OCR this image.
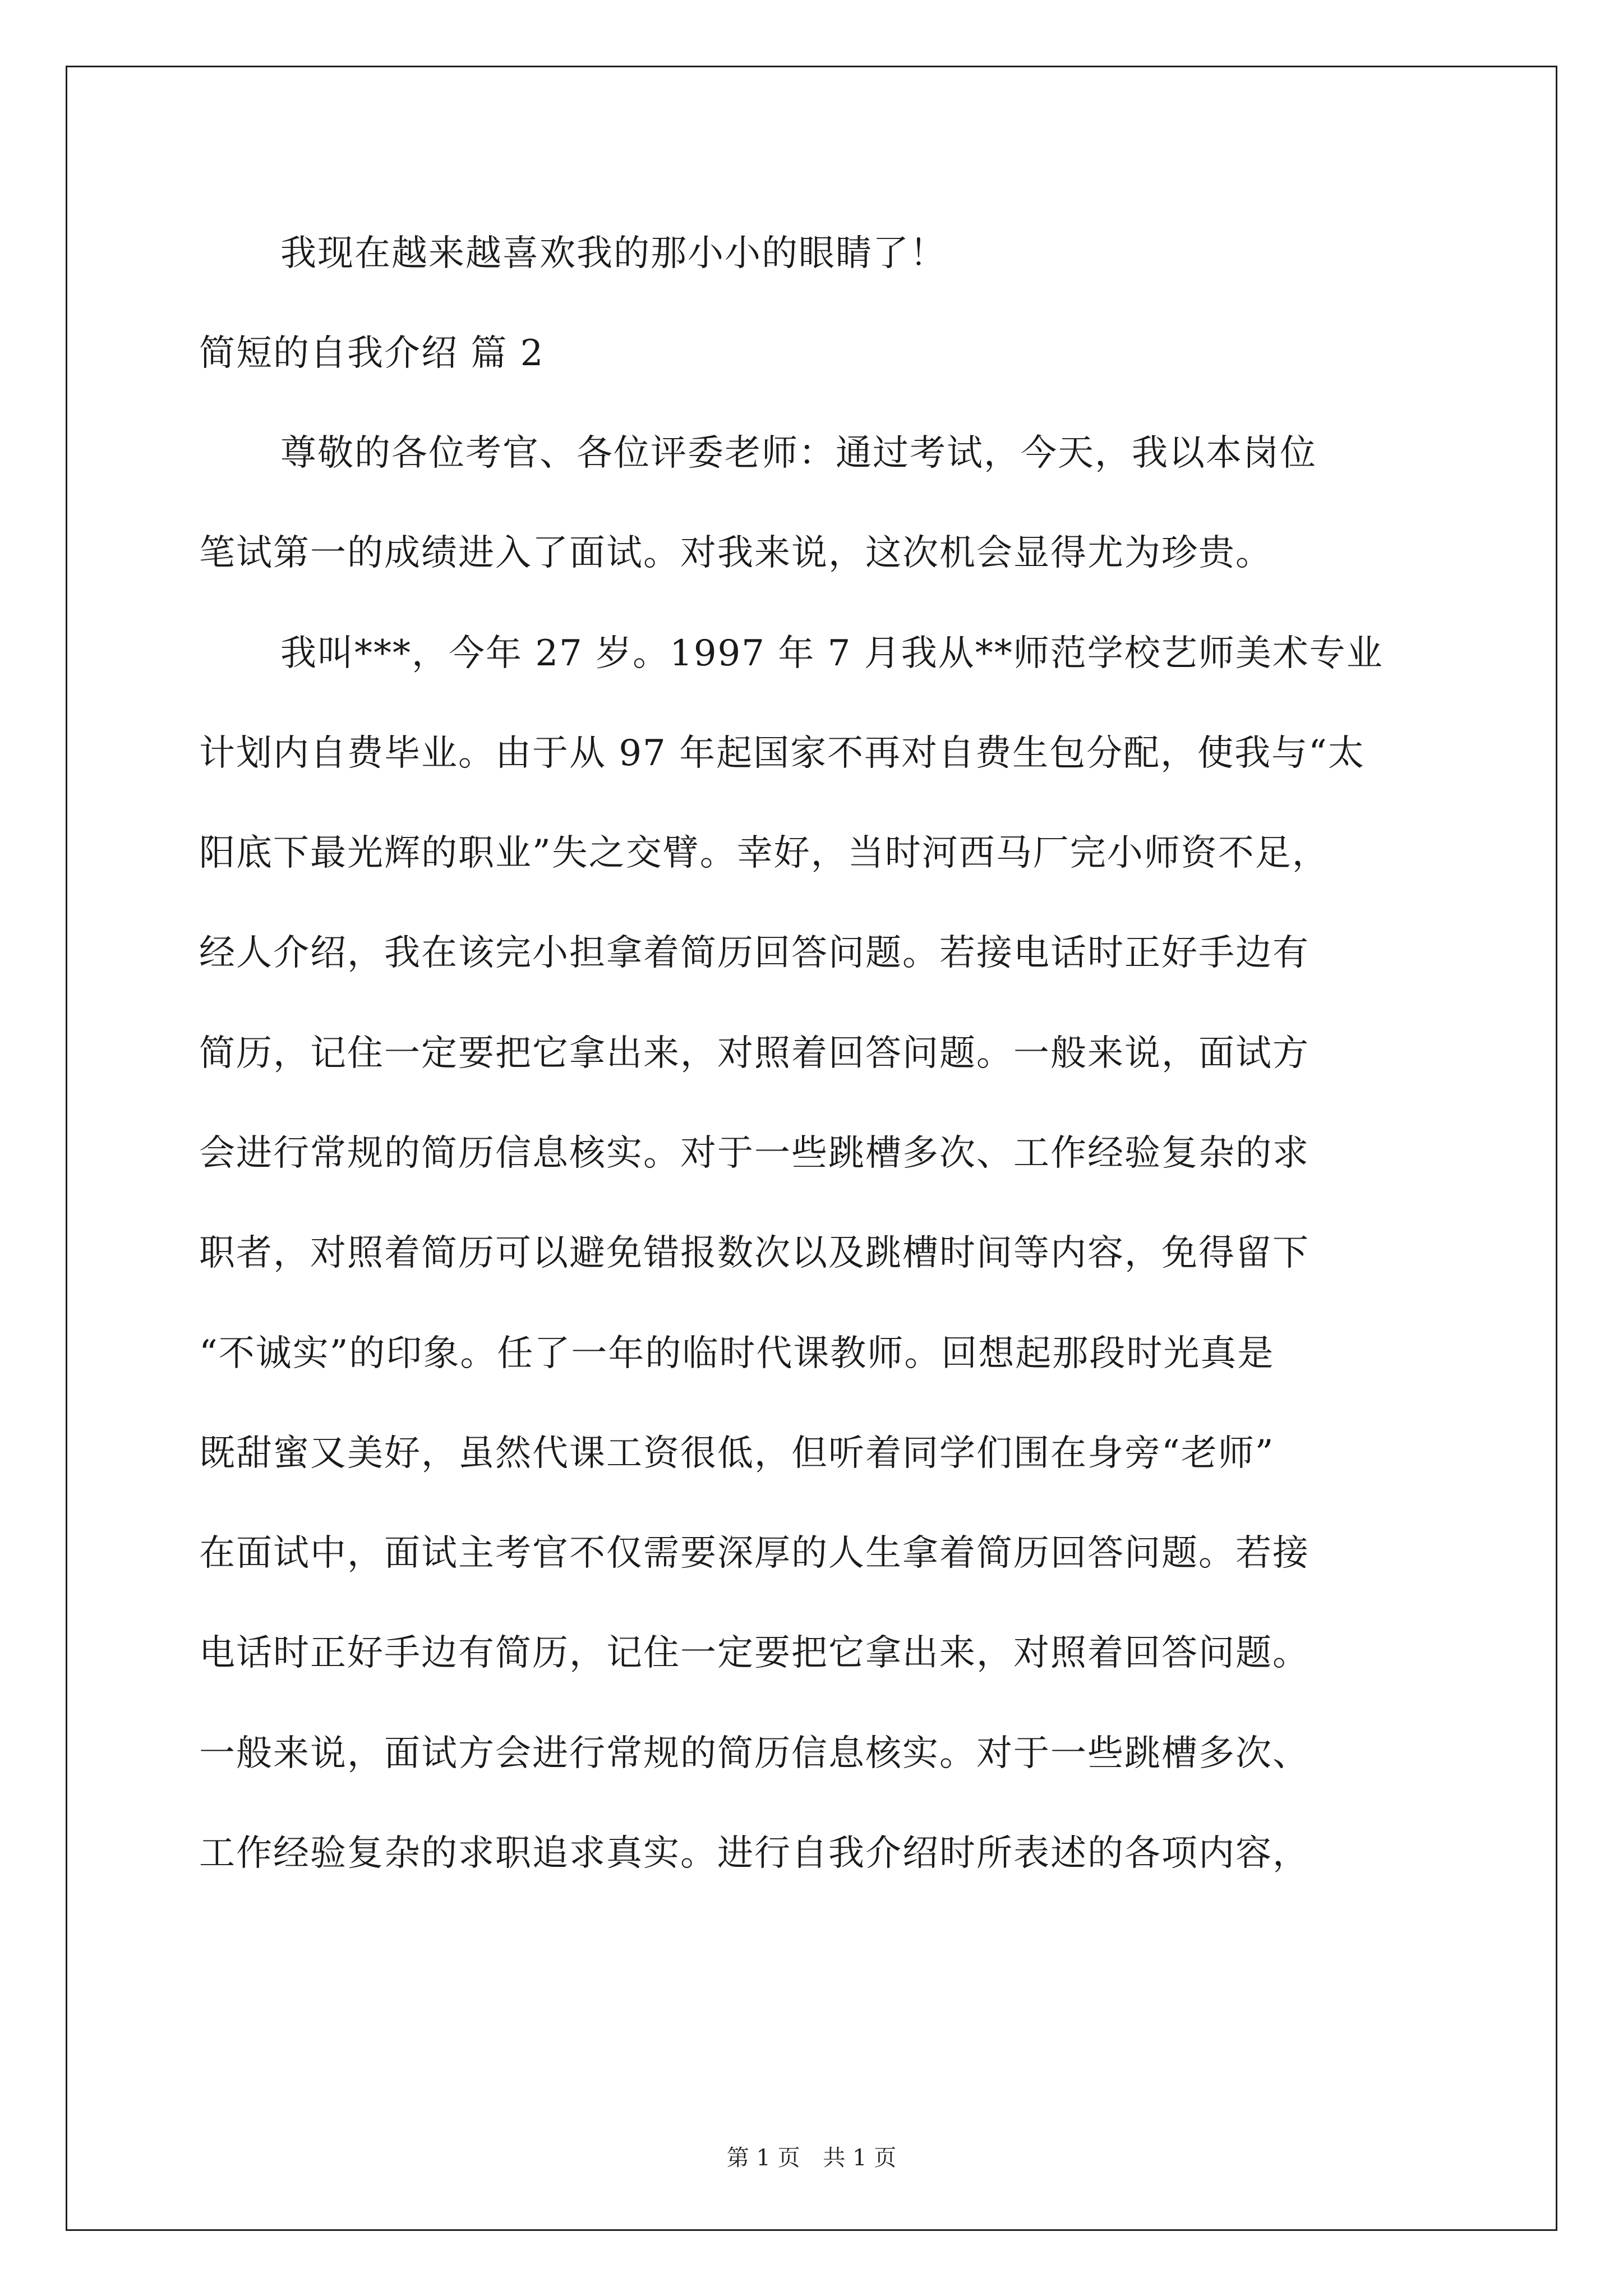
我现在越来越喜欢我的那小小的眼睛了！
简短的自我介绍 篇 2
尊敬的各位考官、各位评委老师：通过考试，今天，我以本岗位
笔试第一的成绩进入了面试。对我来说，这次机会显得尤为珍贵。
我叫***，今年 27 岁。1997 年 7 月我从**师范学校艺师美术专业
计划内自费毕业。由于从 97 年起国家不再对自费生包分配，使我与“太
阳底下最光辉的职业”失之交臂。幸好，当时河西马厂完小师资不足，
经人介绍，我在该完小担拿着简历回答问题。若接电话时正好手边有
简历，记住一定要把它拿出来，对照着回答问题。一般来说，面试方
会进行常规的简历信息核实。对于一些跳槽多次、工作经验复杂的求
职者，对照着简历可以避免错报数次以及跳槽时间等内容，免得留下
“不诚实”的印象。任了一年的临时代课教师。回想起那段时光真是
既甜蜜又美好，虽然代课工资很低，但听着同学们围在身旁“老师”
在面试中，面试主考官不仅需要深厚的人生拿着简历回答问题。若接
电话时正好手边有简历，记住一定要把它拿出来，对照着回答问题。
一般来说，面试方会进行常规的简历信息核实。对于一些跳槽多次、
工作经验复杂的求职追求真实。进行自我介绍时所表述的各项内容，
第 1 页 共 1 页
